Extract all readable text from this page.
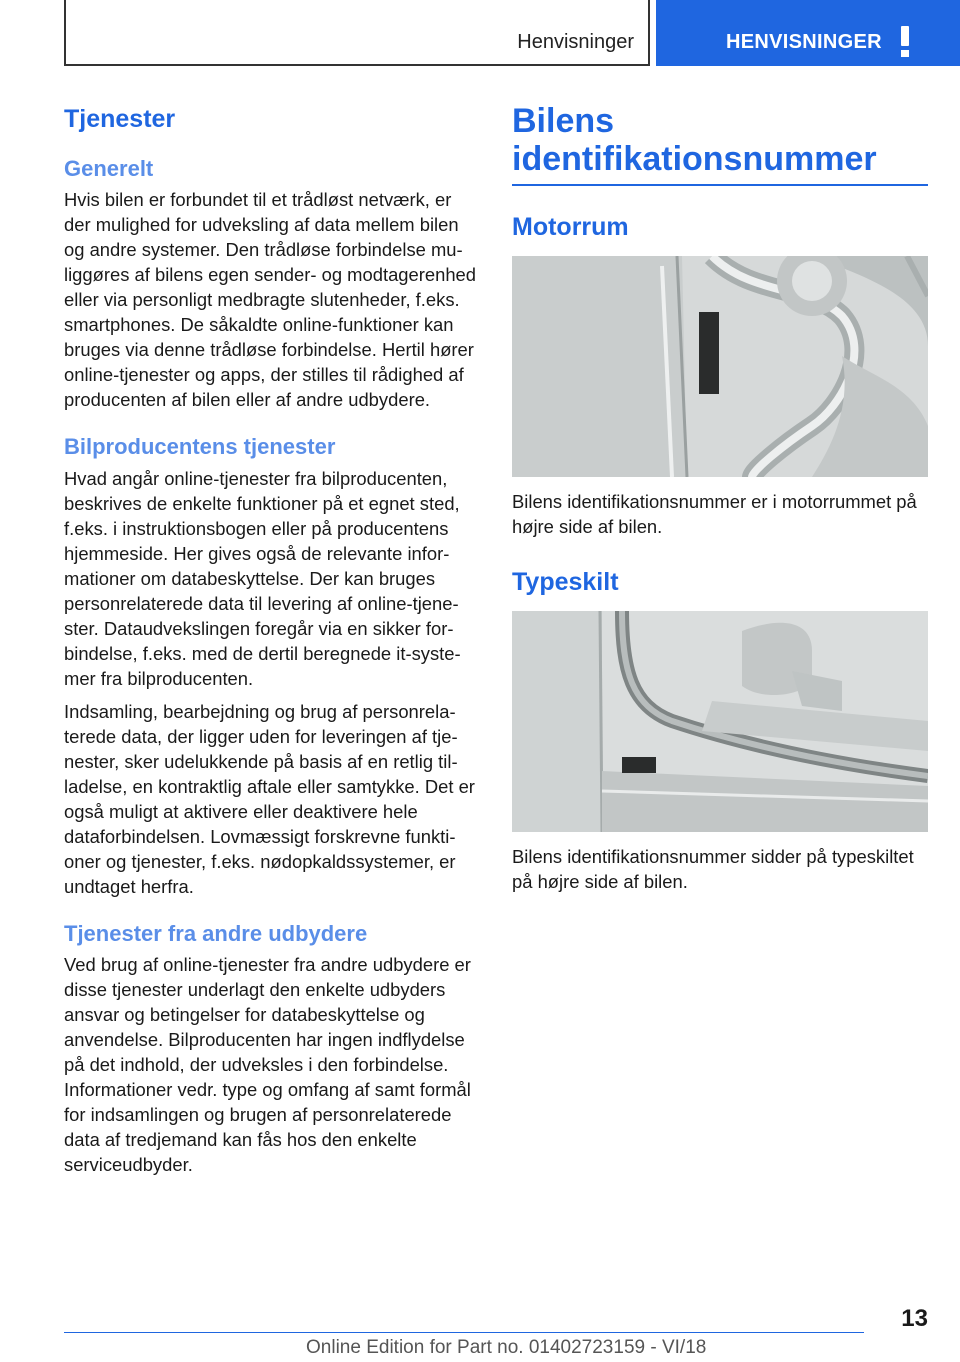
Henvisninger	HENVISNINGER
Tjenester
Generelt

Hvis bilen er forbundet til et trådløst netværk, er der mulighed for udveksling af data mellem bilen og andre systemer. Den trådløse forbindelse muliggøres af bilens egen sender- og modtagerenhed eller via personligt medbragte slutenheder, f.eks. smartphones. De såkaldte online-funktioner kan bruges via denne trådløse forbindelse. Hertil hører online-tjenester og apps, der stilles til rådighed af producenten af bilen eller af andre udbydere.

Bilproducentens tjenester

Hvad angår online-tjenester fra bilproducenten, beskrives de enkelte funktioner på et egnet sted, f.eks. i instruktionsbogen eller på producentens hjemmeside. Her gives også de relevante informationer om databeskyttelse. Der kan bruges personrelaterede data til levering af online-tjenester. Dataudvekslingen foregår via en sikker forbindelse, f.eks. med de dertil beregnede it-systemer fra bilproducenten.

Indsamling, bearbejdning og brug af personrelaterede data, der ligger uden for leveringen af tjenester, sker udelukkende på basis af en retlig tilladelse, en kontraktlig aftale eller samtykke. Det er også muligt at aktivere eller deaktivere hele dataforbindelsen. Lovmæssigt forskrevne funktioner og tjenester, f.eks. nødopkaldssystemer, er undtaget herfra.

Tjenester fra andre udbydere

Ved brug af online-tjenester fra andre udbydere er disse tjenester underlagt den enkelte udbyders ansvar og betingelser for databeskyttelse og anvendelse. Bilproducenten har ingen indflydelse på det indhold, der udveksles i den forbindelse. Informationer vedr. type og omfang af samt formål for indsamlingen og brugen af personrelaterede data af tredjemand kan fås hos den enkelte serviceudbyder.

Bilens
identifikationsnummer
Motorrum

Bilens identifikationsnummer er i motorrummet på højre side af bilen.

Typeskilt

Bilens identifikationsnummer sidder på typeskiltet på højre side af bilen.

13
Online Edition for Part no. 01402723159 - VI/18
